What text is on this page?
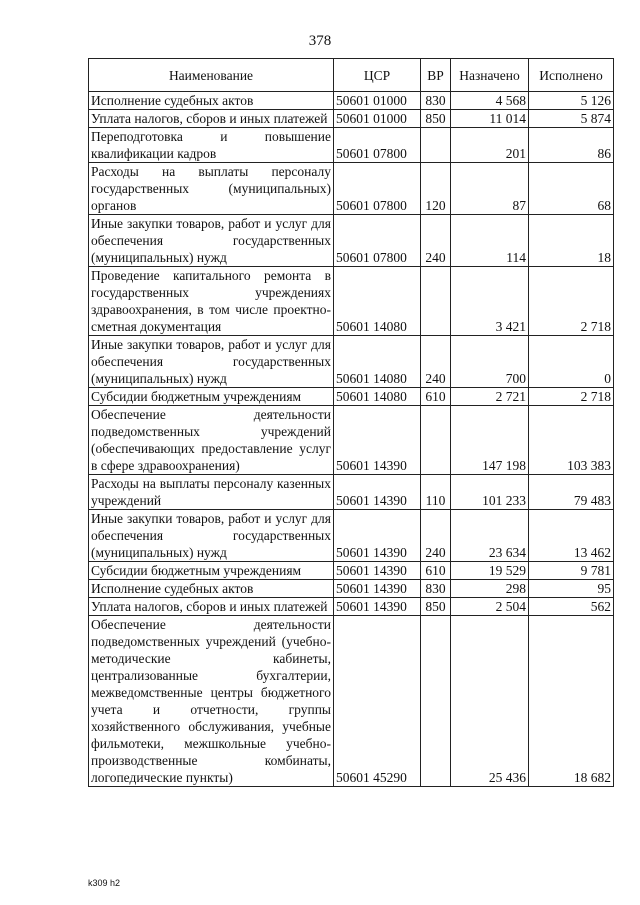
378
Наименование	ЦСР	ВР	Назначено	Исполнено
Исполнение судебных актов	50601 01000	830	4 568	5 126
Уплата налогов, сборов и иных платежей	50601 01000	850	11 014	5 874
Переподготовка и повышение квалификации кадров	50601 07800		201	86
Расходы на выплаты персоналу государственных (муниципальных) органов	50601 07800	120	87	68
Иные закупки товаров, работ и услуг для обеспечения государственных (муниципальных) нужд	50601 07800	240	114	18
Проведение капитального ремонта в государственных учреждениях здравоохранения, в том числе проектно-сметная документация	50601 14080		3 421	2 718
Иные закупки товаров, работ и услуг для обеспечения государственных (муниципальных) нужд	50601 14080	240	700	0
Субсидии бюджетным учреждениям	50601 14080	610	2 721	2 718
Обеспечение деятельности подведомственных учреждений (обеспечивающих предоставление услуг в сфере здравоохранения)	50601 14390		147 198	103 383
Расходы на выплаты персоналу казенных учреждений	50601 14390	110	101 233	79 483
Иные закупки товаров, работ и услуг для обеспечения государственных (муниципальных) нужд	50601 14390	240	23 634	13 462
Субсидии бюджетным учреждениям	50601 14390	610	19 529	9 781
Исполнение судебных актов	50601 14390	830	298	95
Уплата налогов, сборов и иных платежей	50601 14390	850	2 504	562
Обеспечение деятельности подведомственных учреждений (учебно-методические кабинеты, централизованные бухгалтерии, межведомственные центры бюджетного учета и отчетности, группы хозяйственного обслуживания, учебные фильмотеки, межшкольные учебно-производственные комбинаты, логопедические пункты)	50601 45290		25 436	18 682
k309 h2
